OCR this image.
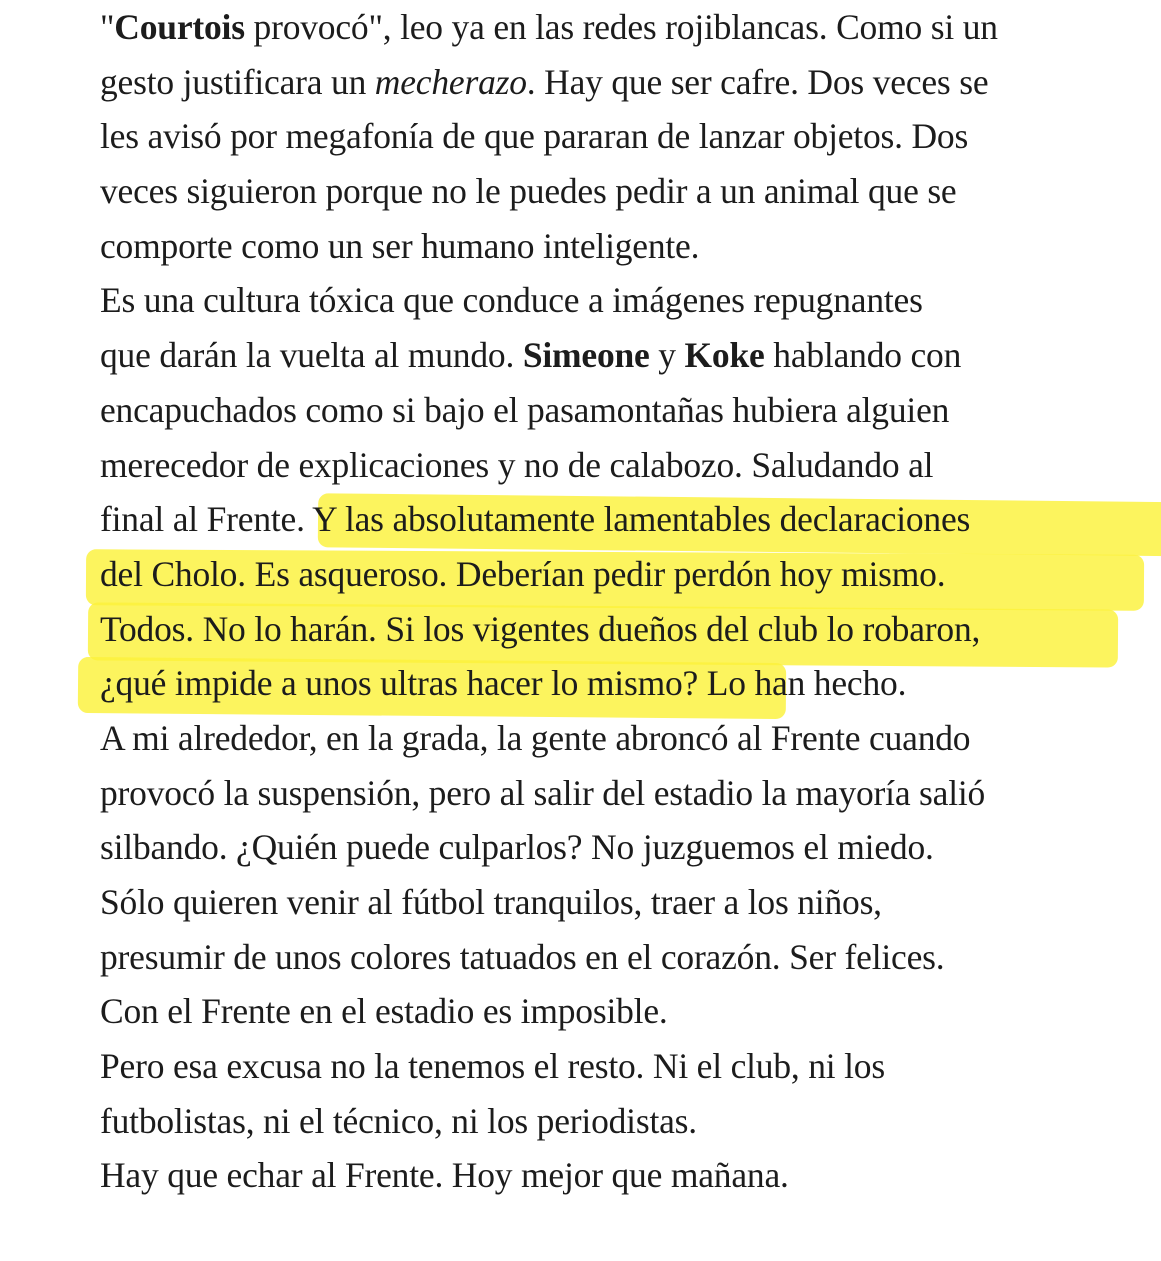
"Courtois provocó", leo ya en las redes rojiblancas. Como si un
gesto justificara un mecherazo. Hay que ser cafre. Dos veces se
les avisó por megafonía de que pararan de lanzar objetos. Dos
veces siguieron porque no le puedes pedir a un animal que se
comporte como un ser humano inteligente.
Es una cultura tóxica que conduce a imágenes repugnantes
que darán la vuelta al mundo. Simeone y Koke hablando con
encapuchados como si bajo el pasamontañas hubiera alguien
merecedor de explicaciones y no de calabozo. Saludando al
final al Frente. Y las absolutamente lamentables declaraciones
del Cholo. Es asqueroso. Deberían pedir perdón hoy mismo.
Todos. No lo harán. Si los vigentes dueños del club lo robaron,
¿qué impide a unos ultras hacer lo mismo? Lo han hecho.
A mi alrededor, en la grada, la gente abroncó al Frente cuando
provocó la suspensión, pero al salir del estadio la mayoría salió
silbando. ¿Quién puede culparlos? No juzguemos el miedo.
Sólo quieren venir al fútbol tranquilos, traer a los niños,
presumir de unos colores tatuados en el corazón. Ser felices.
Con el Frente en el estadio es imposible.
Pero esa excusa no la tenemos el resto. Ni el club, ni los
futbolistas, ni el técnico, ni los periodistas.
Hay que echar al Frente. Hoy mejor que mañana.
